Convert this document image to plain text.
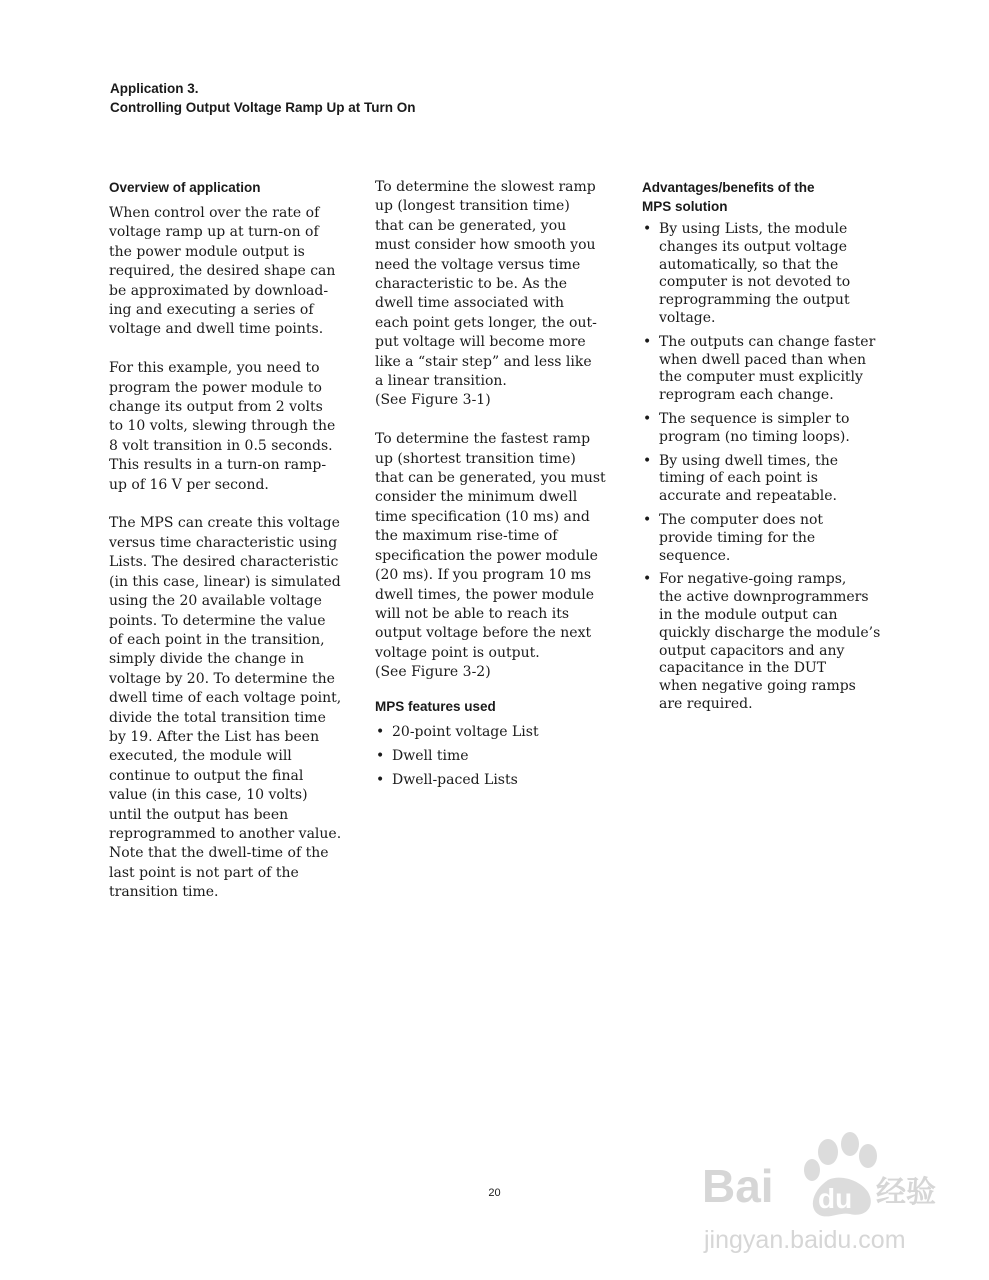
Application 3.
Controlling Output Voltage Ramp Up at Turn On
Overview of application
When control over the rate of
voltage ramp up at turn-on of
the power module output is
required, the desired shape can
be approximated by download-
ing and executing a series of
voltage and dwell time points.
For this example, you need to
program the power module to
change its output from 2 volts
to 10 volts, slewing through the
8 volt transition in 0.5 seconds.
This results in a turn-on ramp-
up of 16 V per second.
The MPS can create this voltage
versus time characteristic using
Lists. The desired characteristic
(in this case, linear) is simulated
using the 20 available voltage
points. To determine the value
of each point in the transition,
simply divide the change in
voltage by 20. To determine the
dwell time of each voltage point,
divide the total transition time
by 19. After the List has been
executed, the module will
continue to output the final
value (in this case, 10 volts)
until the output has been
reprogrammed to another value.
Note that the dwell-time of the
last point is not part of the
transition time.
To determine the slowest ramp
up (longest transition time)
that can be generated, you
must consider how smooth you
need the voltage versus time
characteristic to be. As the
dwell time associated with
each point gets longer, the out-
put voltage will become more
like a “stair step” and less like
a linear transition.
(See Figure 3-1)
To determine the fastest ramp
up (shortest transition time)
that can be generated, you must
consider the minimum dwell
time specification (10 ms) and
the maximum rise-time of
specification the power module
(20 ms). If you program 10 ms
dwell times, the power module
will not be able to reach its
output voltage before the next
voltage point is output.
(See Figure 3-2)
MPS features used
• 20-point voltage List
• Dwell time
• Dwell-paced Lists
Advantages/benefits of the
MPS solution
• By using Lists, the module
changes its output voltage
automatically, so that the
computer is not devoted to
reprogramming the output
voltage.
• The outputs can change faster
when dwell paced than when
the computer must explicitly
reprogram each change.
• The sequence is simpler to
program (no timing loops).
• By using dwell times, the
timing of each point is
accurate and repeatable.
• The computer does not
provide timing for the
sequence.
• For negative-going ramps,
the active downprogrammers
in the module output can
quickly discharge the module’s
output capacitors and any
capacitance in the DUT
when negative going ramps
are required.
20	Bai du 经验
jingyan.baidu.com
